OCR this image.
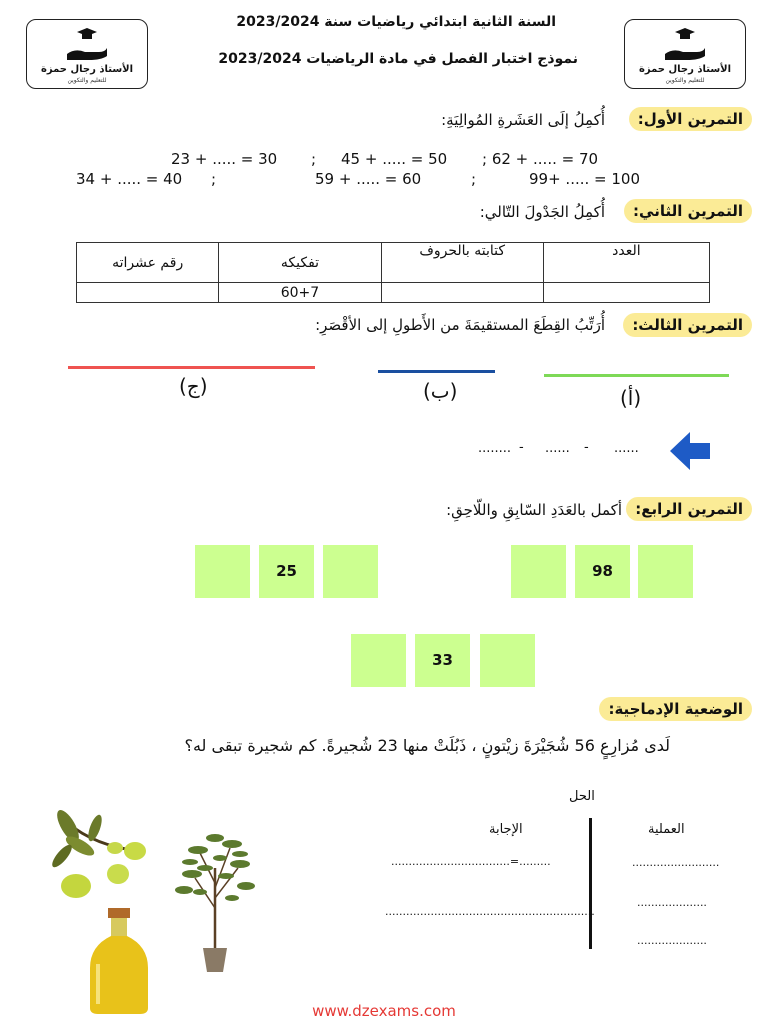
الأستاذ رجال حمزة
للتعليم والتكوين
الأستاذ رجال حمزة
للتعليم والتكوين
السنة الثانية ابتدائي رياضيات سنة 2023/2024
نموذج اختبار الفصل في مادة الرياضيات 2023/2024
التمرين الأول:
أُكمِلُ إلَى العَشَرةِ المُوالِيَةِ:
23 + ..... = 30 ; 45 + ..... = 50 ; 62 + ..... = 70
34 + ..... = 40 ;	59 + ..... = 60	;	99+ ..... = 100
التمرين الثاني:
أُكمِلُ الجَدْولَ التّالي:
رقم عشراته	تفكيكه	كتابته بالحروف	العدد
	60+7		
التمرين الثالث:
أُرَتِّبُ القِطَعَ المستقيمَةَ من الأَطولِ إلى الأقْصَرِ:
(ج)	(ب)	(أ)
........ - ...... - ......
التمرين الرابع:
أكمل بالعَدَدِ السّابِقِ واللّاحِقِ:
25	98
33
الوضعية الإدماجية:
لَدى مُزارِعٍ 56 شُجَيْرَةَ زيْتونٍ ، ذَبُلَتْ منها 23 شُجيرةً. كم شجيرة تبقى له؟
الحل
الإجابة	العملية
..................................=.........
............................................................
.........................
....................
....................
www.dzexams.com
